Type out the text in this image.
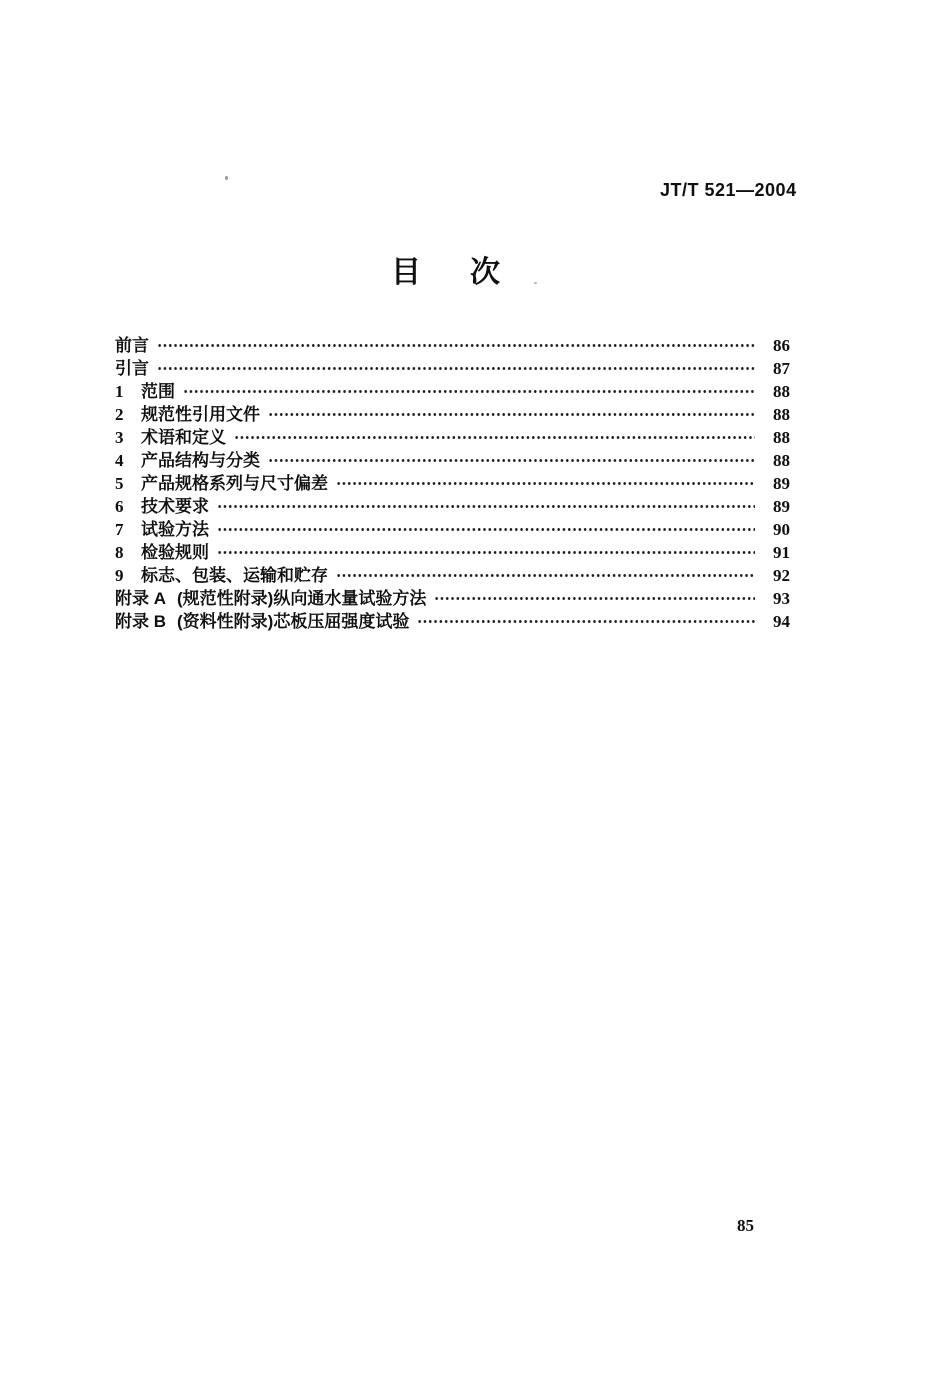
JT/T 521—2004
目 次
前言	86
引言	87
1	范围	88
2	规范性引用文件	88
3	术语和定义	88
4	产品结构与分类	88
5	产品规格系列与尺寸偏差	89
6	技术要求	89
7	试验方法	90
8	检验规则	91
9	标志、包装、运输和贮存	92
附录 A (规范性附录)纵向通水量试验方法	93
附录 B (资料性附录)芯板压屈强度试验	94
85
